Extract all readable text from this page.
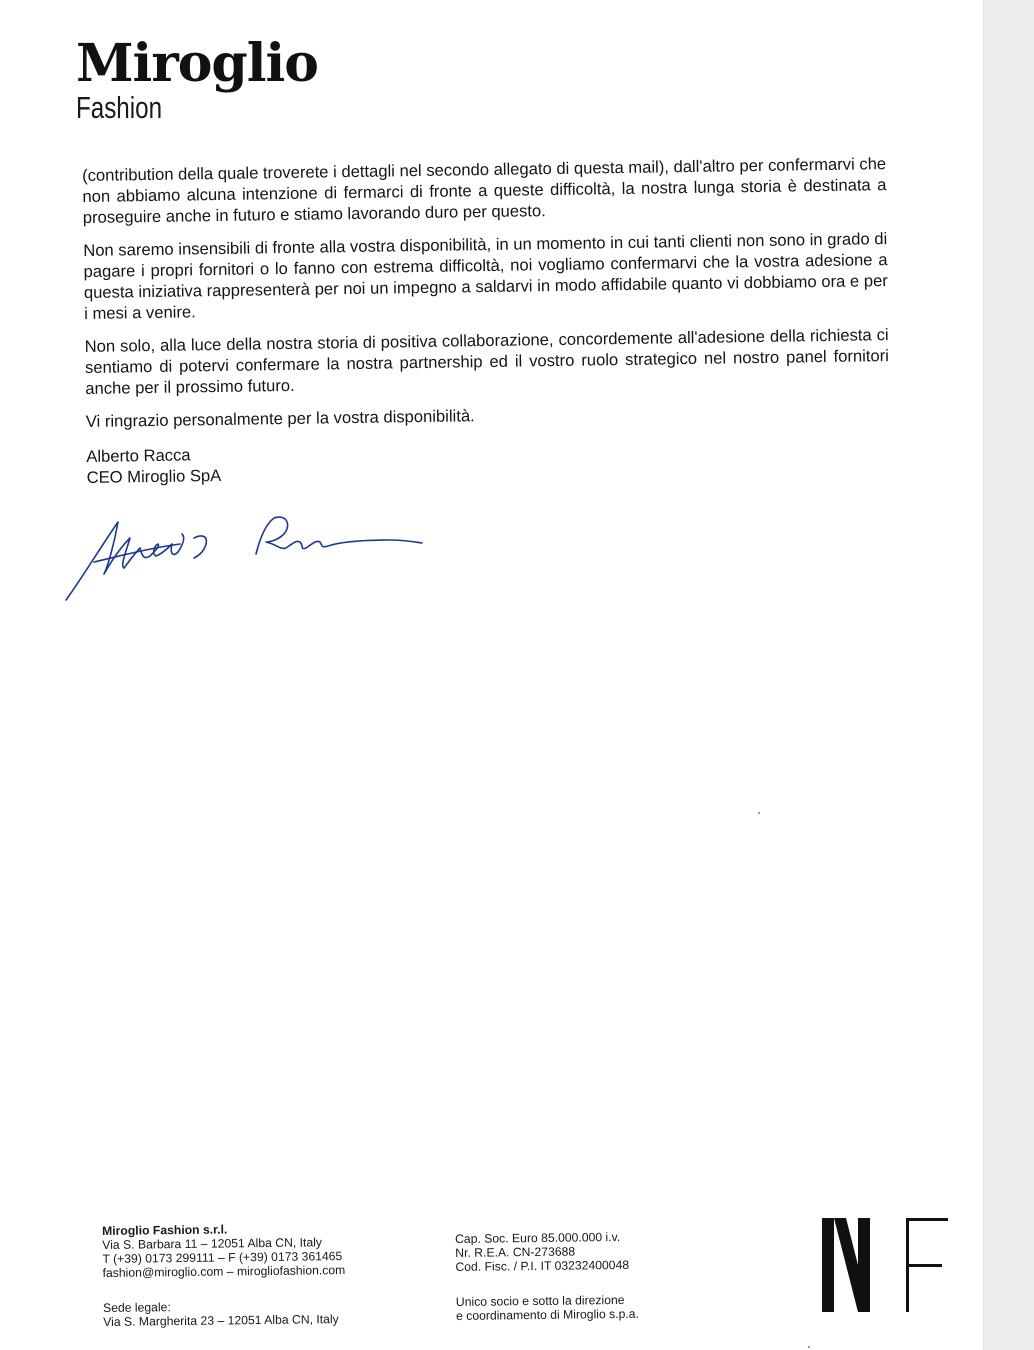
Miroglio
Fashion

(contribution della quale troverete i dettagli nel secondo allegato di questa mail), dall'altro per confermarvi che non abbiamo alcuna intenzione di fermarci di fronte a queste difficoltà, la nostra lunga storia è destinata a proseguire anche in futuro e stiamo lavorando duro per questo.

Non saremo insensibili di fronte alla vostra disponibilità, in un momento in cui tanti clienti non sono in grado di pagare i propri fornitori o lo fanno con estrema difficoltà, noi vogliamo confermarvi che la vostra adesione a questa iniziativa rappresenterà per noi un impegno a saldarvi in modo affidabile quanto vi dobbiamo ora e per i mesi a venire.

Non solo, alla luce della nostra storia di positiva collaborazione, concordemente all'adesione della richiesta ci sentiamo di potervi confermare la nostra partnership ed il vostro ruolo strategico nel nostro panel fornitori anche per il prossimo futuro.

Vi ringrazio personalmente per la vostra disponibilità.

Alberto Racca

CEO Miroglio SpA

Miroglio Fashion s.r.l.
Via S. Barbara 11 – 12051 Alba CN, Italy
T (+39) 0173 299111 – F (+39) 0173 361465
fashion@miroglio.com – mirogliofashion.com
Sede legale:
Via S. Margherita 23 – 12051 Alba CN, Italy
Cap. Soc. Euro 85.000.000 i.v.
Nr. R.E.A. CN-273688
Cod. Fisc. / P.I. IT 03232400048
Unico socio e sotto la direzione
e coordinamento di Miroglio s.p.a.
